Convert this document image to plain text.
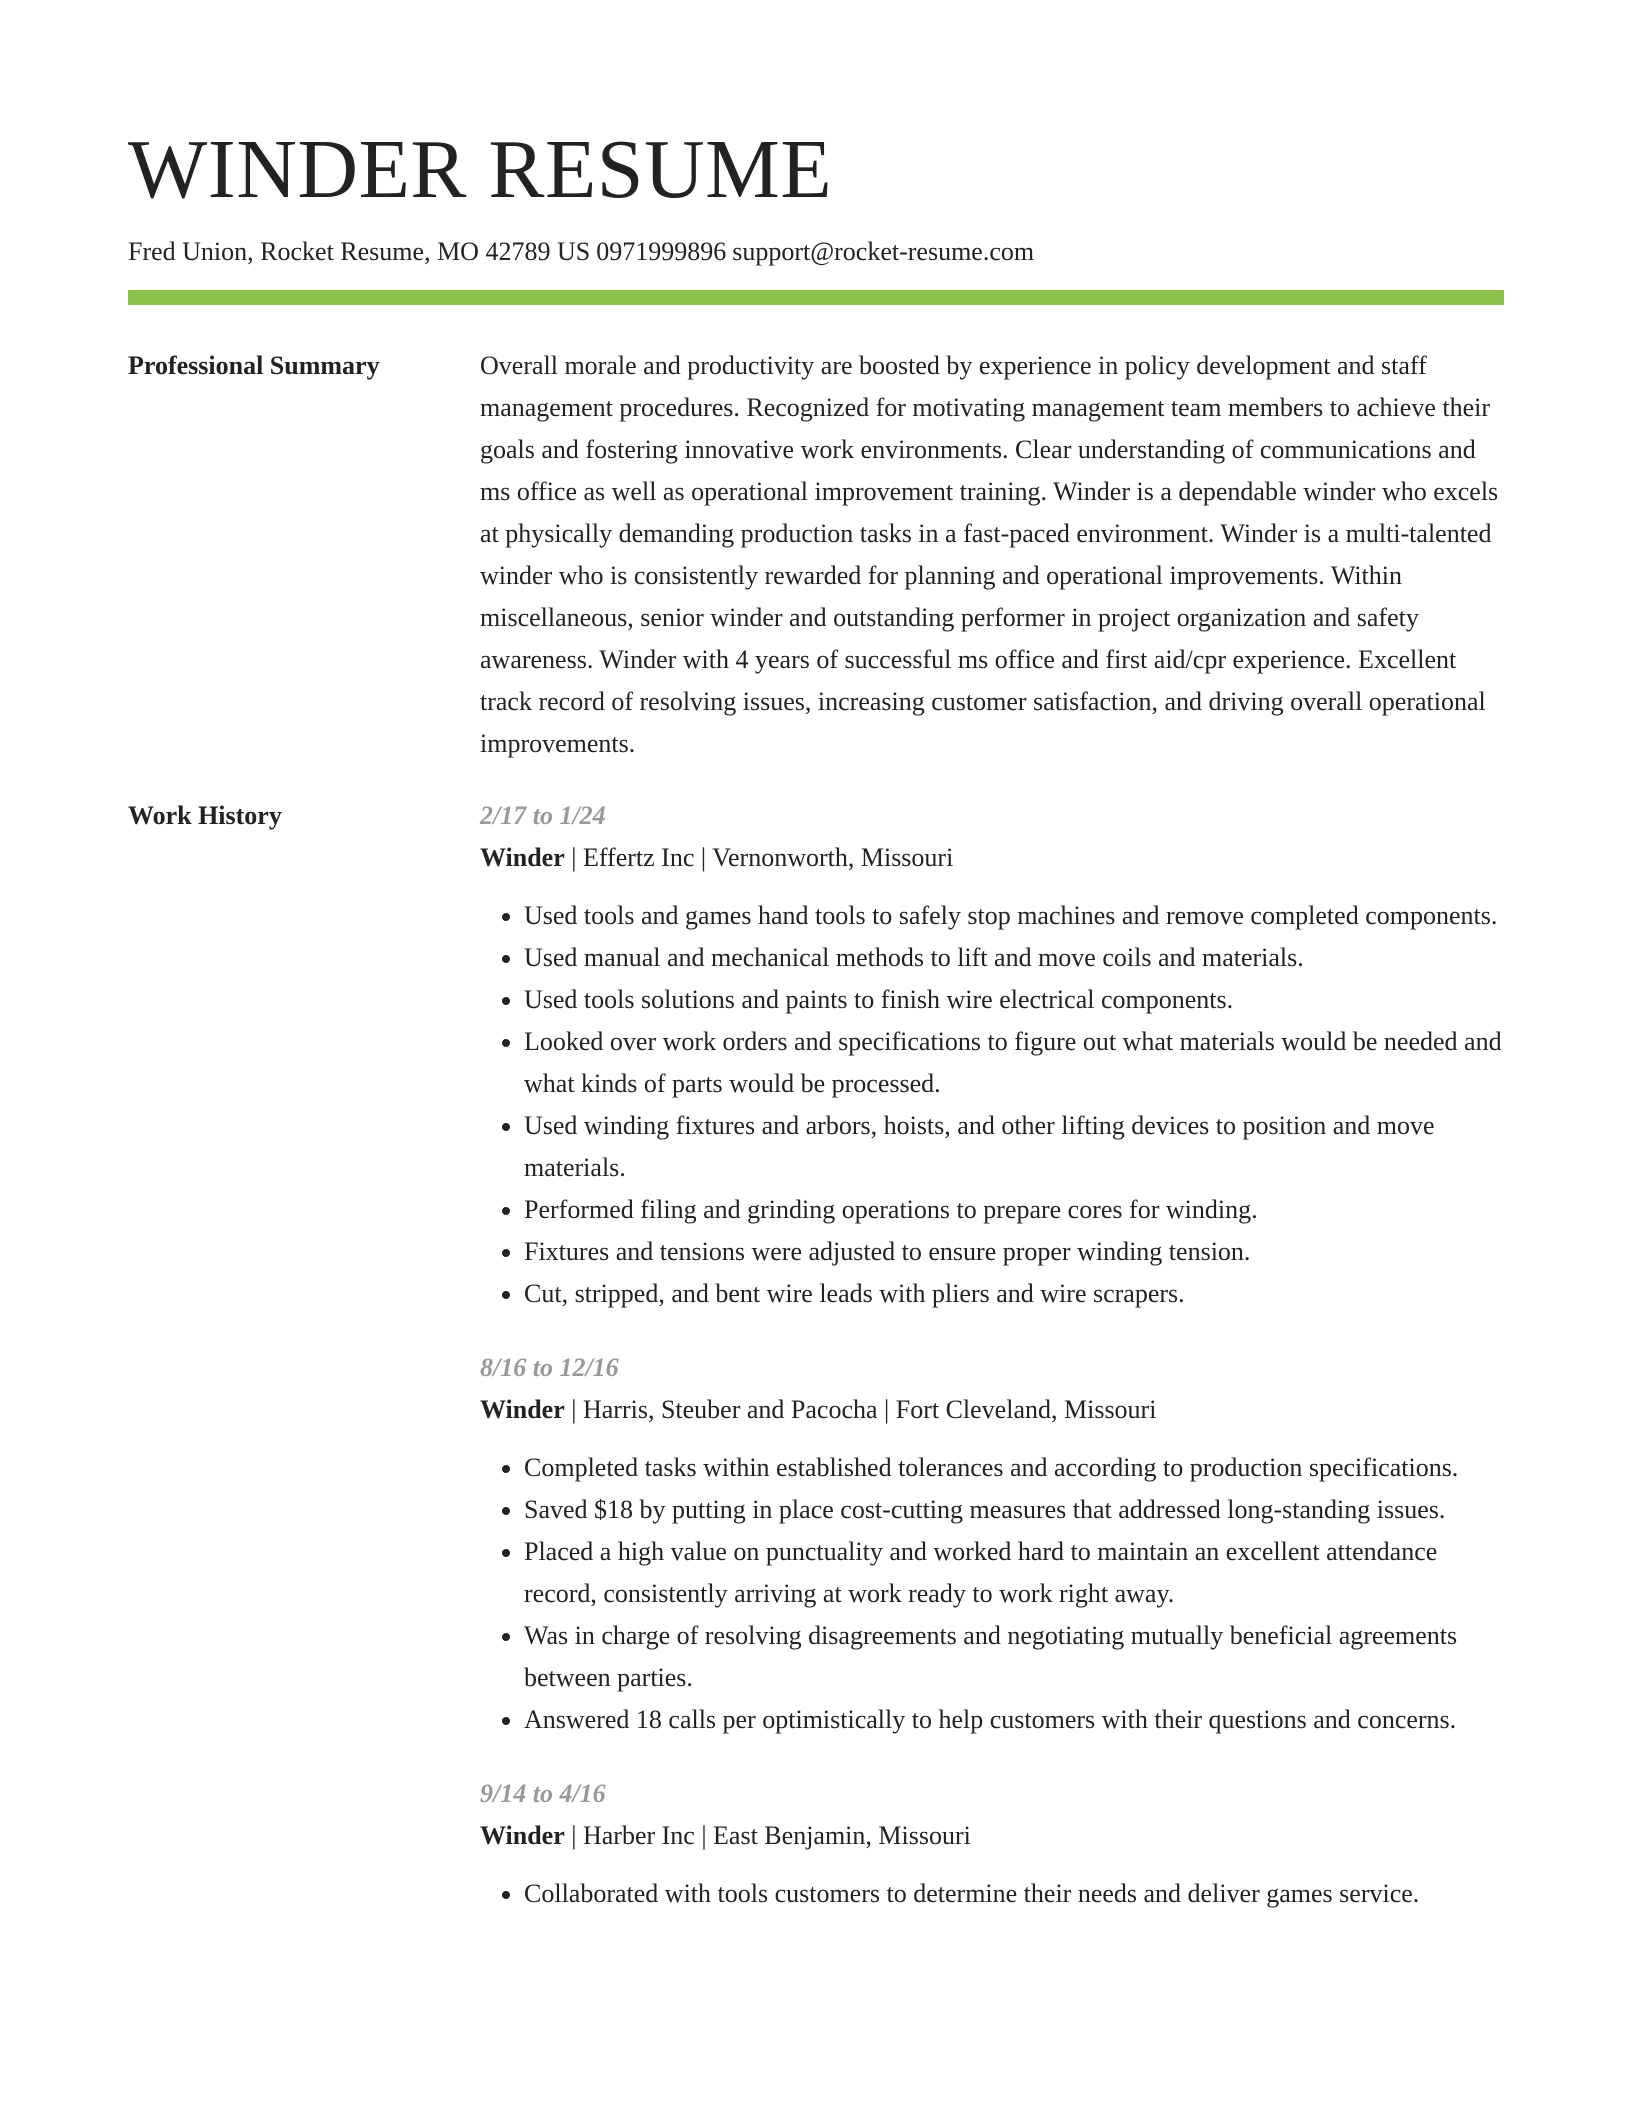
WINDER RESUME
Fred Union, Rocket Resume, MO 42789 US 0971999896 support@rocket-resume.com
Professional Summary	Overall morale and productivity are boosted by experience in policy development and staff management procedures. Recognized for motivating management team members to achieve their goals and fostering innovative work environments. Clear understanding of communications and ms office as well as operational improvement training. Winder is a dependable winder who excels at physically demanding production tasks in a fast-paced environment. Winder is a multi-talented winder who is consistently rewarded for planning and operational improvements. Within miscellaneous, senior winder and outstanding performer in project organization and safety awareness. Winder with 4 years of successful ms office and first aid/cpr experience. Excellent track record of resolving issues, increasing customer satisfaction, and driving overall operational improvements.

Work History	2/17 to 1/24
Winder | Effertz Inc | Vernonworth, Missouri
• Used tools and games hand tools to safely stop machines and remove completed components.
• Used manual and mechanical methods to lift and move coils and materials.
• Used tools solutions and paints to finish wire electrical components.
• Looked over work orders and specifications to figure out what materials would be needed and what kinds of parts would be processed.
• Used winding fixtures and arbors, hoists, and other lifting devices to position and move materials.
• Performed filing and grinding operations to prepare cores for winding.
• Fixtures and tensions were adjusted to ensure proper winding tension.
• Cut, stripped, and bent wire leads with pliers and wire scrapers.
8/16 to 12/16
Winder | Harris, Steuber and Pacocha | Fort Cleveland, Missouri
• Completed tasks within established tolerances and according to production specifications.
• Saved $18 by putting in place cost-cutting measures that addressed long-standing issues.
• Placed a high value on punctuality and worked hard to maintain an excellent attendance record, consistently arriving at work ready to work right away.
• Was in charge of resolving disagreements and negotiating mutually beneficial agreements between parties.
• Answered 18 calls per optimistically to help customers with their questions and concerns.
9/14 to 4/16
Winder | Harber Inc | East Benjamin, Missouri
• Collaborated with tools customers to determine their needs and deliver games service.
